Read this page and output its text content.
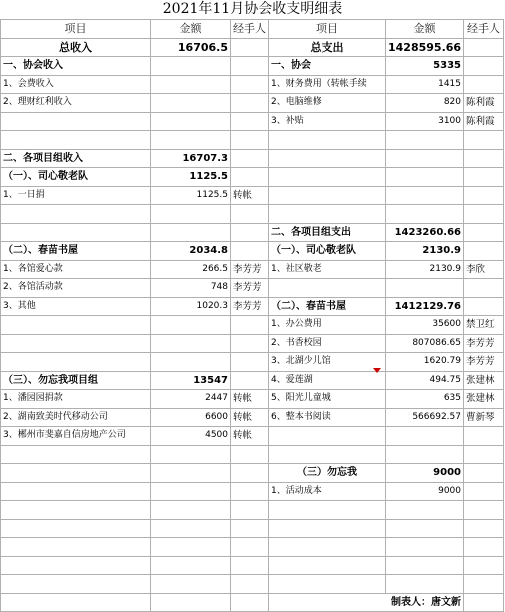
2021年11月协会收支明细表
项目	金额	经手人	项目	金额	经手人
总收入	16706.5		总支出	1428595.66	
一、协会收入			一、协会	5335	
1、会费收入			1、财务费用（转帐手续	1415	
2、理财红利收入			2、电脑维修	820	陈利霞
			3、补贴	3100	陈利霞

二、各项目组收入	16707.3				
（一）、司心敬老队	1125.5				
1、一日捐	1125.5	转帐			

			二、各项目组支出	1423260.66	
（二）、春苗书屋	2034.8		（一）、司心敬老队	2130.9	
1、各馆爱心款	266.5	李芳芳	1、社区敬老	2130.9	李欣
2、各馆活动款	748	李芳芳			
3、其他	1020.3	李芳芳	（二）、春苗书屋	1412129.76	
			1、办公费用	35600	禁卫红
			2、书香校园	807086.65	李芳芳
			3、北湖少儿馆	1620.79	李芳芳
（三）、勿忘我项目组	13547		4、爱莲湖	494.75	张建林
1、潘园园捐款	2447	转帐	5、阳光儿童城	635	张建林
2、湖南致美时代移动公司	6600	转帐	6、整本书阅读	566692.57	曹新琴
3、郴州市斐嘉自信房地产公司	4500	转帐			

			（三）勿忘我	9000	
			1、活动成本	9000	

			制表人：唐文新		
